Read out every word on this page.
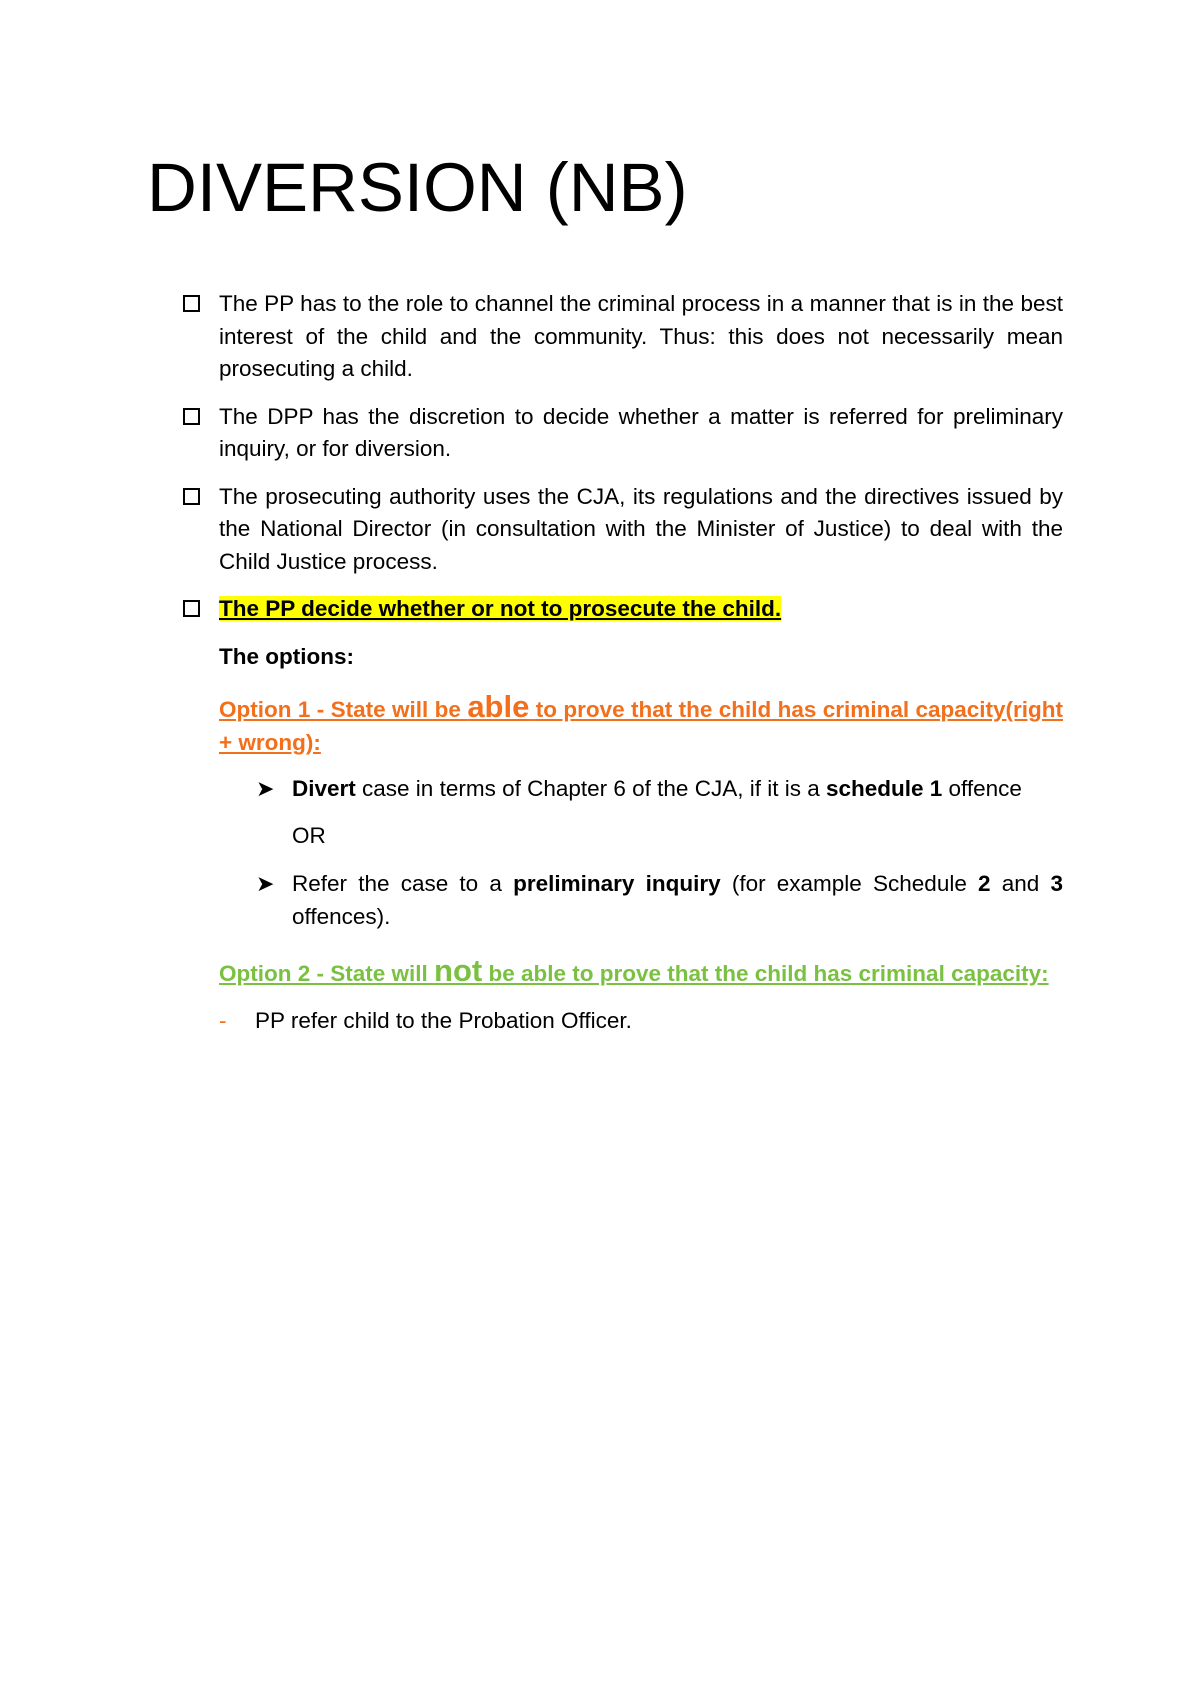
DIVERSION (NB)
The PP has to the role to channel the criminal process in a manner that is in the best interest of the child and the community. Thus: this does not necessarily mean prosecuting a child.
The DPP has the discretion to decide whether a matter is referred for preliminary inquiry, or for diversion.
The prosecuting authority uses the CJA, its regulations and the directives issued by the National Director (in consultation with the Minister of Justice) to deal with the Child Justice process.
The PP decide whether or not to prosecute the child.

The options:

Option 1 - State will be able to prove that the child has criminal capacity(right + wrong):

➤ Divert case in terms of Chapter 6 of the CJA, if it is a schedule 1 offence

OR

➤ Refer the case to a preliminary inquiry (for example Schedule 2 and 3 offences).

Option 2 - State will not be able to prove that the child has criminal capacity:

- PP refer child to the Probation Officer.
